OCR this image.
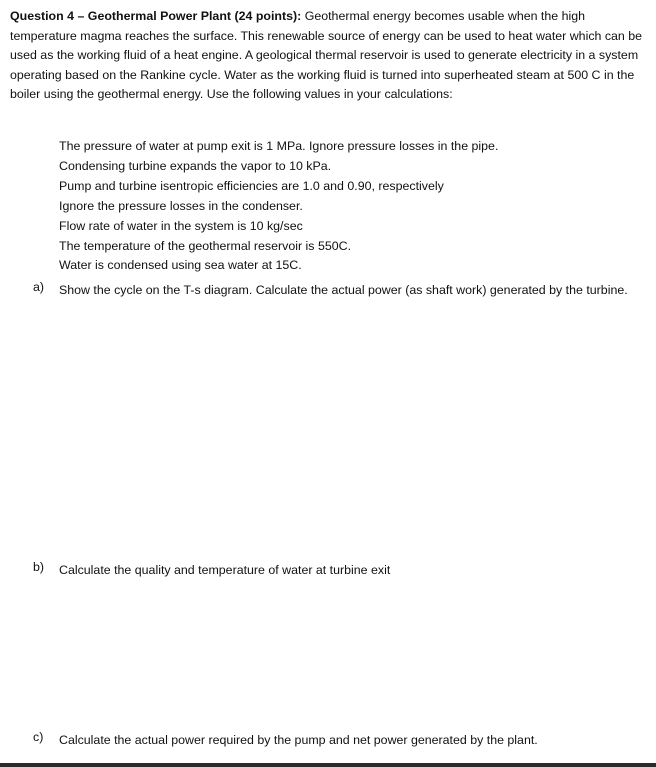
Question 4 – Geothermal Power Plant (24 points): Geothermal energy becomes usable when the high temperature magma reaches the surface. This renewable source of energy can be used to heat water which can be used as the working fluid of a heat engine. A geological thermal reservoir is used to generate electricity in a system operating based on the Rankine cycle. Water as the working fluid is turned into superheated steam at 500 C in the boiler using the geothermal energy. Use the following values in your calculations:

The pressure of water at pump exit is 1 MPa. Ignore pressure losses in the pipe.
Condensing turbine expands the vapor to 10 kPa.
Pump and turbine isentropic efficiencies are 1.0 and 0.90, respectively
Ignore the pressure losses in the condenser.
Flow rate of water in the system is 10 kg/sec
The temperature of the geothermal reservoir is 550C.
Water is condensed using sea water at 15C.
a) Show the cycle on the T-s diagram. Calculate the actual power (as shaft work) generated by the turbine.
b) Calculate the quality and temperature of water at turbine exit
c) Calculate the actual power required by the pump and net power generated by the plant.
